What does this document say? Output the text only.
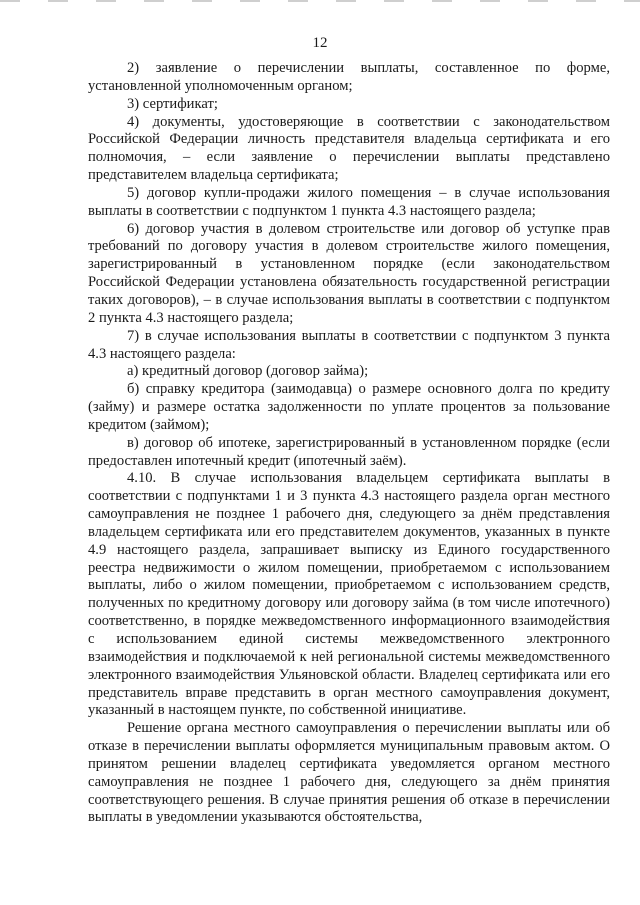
12

2) заявление о перечислении выплаты, составленное по форме, установленной уполномоченным органом;

3) сертификат;

4) документы, удостоверяющие в соответствии с законодательством Российской Федерации личность представителя владельца сертификата и его полномочия, – если заявление о перечислении выплаты представлено представителем владельца сертификата;

5) договор купли-продажи жилого помещения – в случае использования выплаты в соответствии с подпунктом 1 пункта 4.3 настоящего раздела;

6) договор участия в долевом строительстве или договор об уступке прав требований по договору участия в долевом строительстве жилого помещения, зарегистрированный в установленном порядке (если законодательством Российской Федерации установлена обязательность государственной регистрации таких договоров), – в случае использования выплаты в соответствии с подпунктом 2 пункта 4.3 настоящего раздела;

7) в случае использования выплаты в соответствии с подпунктом 3 пункта 4.3 настоящего раздела:

а) кредитный договор (договор займа);

б) справку кредитора (заимодавца) о размере основного долга по кредиту (займу) и размере остатка задолженности по уплате процентов за пользование кредитом (займом);

в) договор об ипотеке, зарегистрированный в установленном порядке (если предоставлен ипотечный кредит (ипотечный заём).

4.10. В случае использования владельцем сертификата выплаты в соответствии с подпунктами 1 и 3 пункта 4.3 настоящего раздела орган местного самоуправления не позднее 1 рабочего дня, следующего за днём представления владельцем сертификата или его представителем документов, указанных в пункте 4.9 настоящего раздела, запрашивает выписку из Единого государственного реестра недвижимости о жилом помещении, приобретаемом с использованием выплаты, либо о жилом помещении, приобретаемом с использованием средств, полученных по кредитному договору или договору займа (в том числе ипотечного) соответственно, в порядке межведомственного информационного взаимодействия с использованием единой системы межведомственного электронного взаимодействия и подключаемой к ней региональной системы межведомственного электронного взаимодействия Ульяновской области. Владелец сертификата или его представитель вправе представить в орган местного самоуправления документ, указанный в настоящем пункте, по собственной инициативе.

Решение органа местного самоуправления о перечислении выплаты или об отказе в перечислении выплаты оформляется муниципальным правовым актом. О принятом решении владелец сертификата уведомляется органом местного самоуправления не позднее 1 рабочего дня, следующего за днём принятия соответствующего решения. В случае принятия решения об отказе в перечислении выплаты в уведомлении указываются обстоятельства,
